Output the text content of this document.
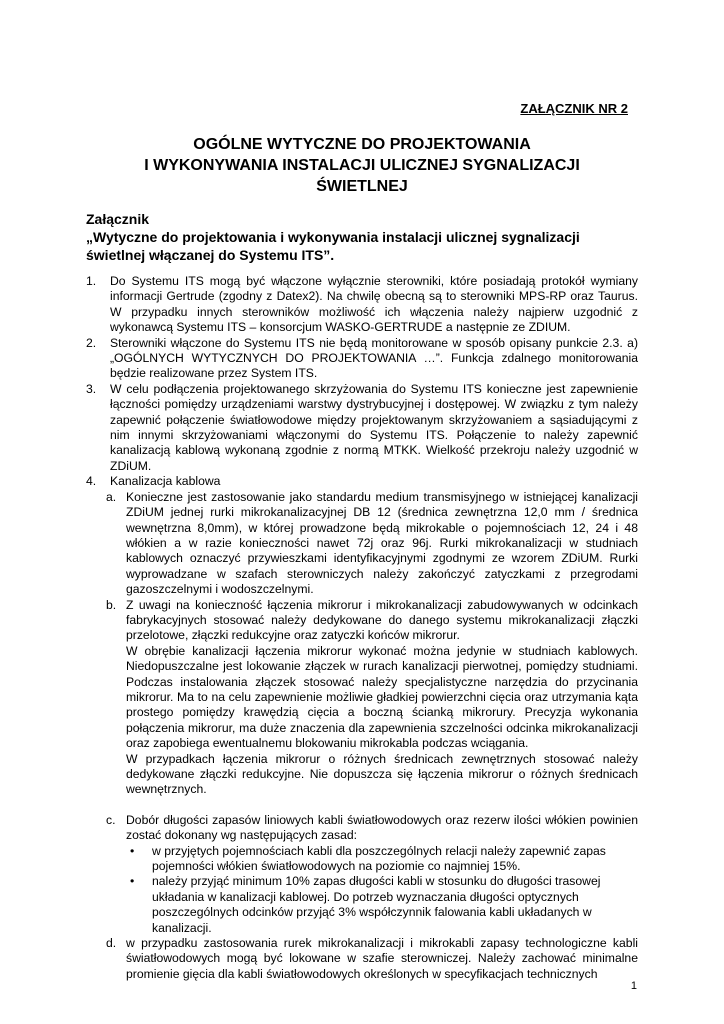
ZAŁĄCZNIK NR 2
OGÓLNE WYTYCZNE DO PROJEKTOWANIA
I WYKONYWANIA INSTALACJI ULICZNEJ SYGNALIZACJI
ŚWIETLNEJ
Załącznik
„Wytyczne do projektowania i wykonywania instalacji ulicznej sygnalizacji świetlnej włączanej do Systemu ITS”.
1. Do Systemu ITS mogą być włączone wyłącznie sterowniki, które posiadają protokół wymiany informacji Gertrude (zgodny z Datex2). Na chwilę obecną są to sterowniki MPS-RP oraz Taurus. W przypadku innych sterowników możliwość ich włączenia należy najpierw uzgodnić z wykonawcą Systemu ITS – konsorcjum WASKO-GERTRUDE a następnie ze ZDIUM.
2. Sterowniki włączone do Systemu ITS nie będą monitorowane w sposób opisany punkcie 2.3. a) „OGÓLNYCH WYTYCZNYCH DO PROJEKTOWANIA …”. Funkcja zdalnego monitorowania będzie realizowane przez System ITS.
3. W celu podłączenia projektowanego skrzyżowania do Systemu ITS konieczne jest zapewnienie łączności pomiędzy urządzeniami warstwy dystrybucyjnej i dostępowej. W związku z tym należy zapewnić połączenie światłowodowe między projektowanym skrzyżowaniem a sąsiadującymi z nim innymi skrzyżowaniami włączonymi do Systemu ITS. Połączenie to należy zapewnić kanalizacją kablową wykonaną zgodnie z normą MTKK. Wielkość przekroju należy uzgodnić w ZDiUM.
4. Kanalizacja kablowa
a. Konieczne jest zastosowanie jako standardu medium transmisyjnego w istniejącej kanalizacji ZDiUM jednej rurki mikrokanalizacyjnej DB 12 (średnica zewnętrzna 12,0 mm / średnica wewnętrzna 8,0mm), w której prowadzone będą mikrokable o pojemnościach 12, 24 i 48 włókien a w razie konieczności nawet 72j oraz 96j. Rurki mikrokanalizacji w studniach kablowych oznaczyć przywieszkami identyfikacyjnymi zgodnymi ze wzorem ZDiUM. Rurki wyprowadzane w szafach sterowniczych należy zakończyć zatyczkami z przegrodami gazoszczelnymi i wodoszczelnymi.
b. Z uwagi na konieczność łączenia mikrorur i mikrokanalizacji zabudowywanych w odcinkach fabrykacyjnych stosować należy dedykowane do danego systemu mikrokanalizacji złączki przelotowe, złączki redukcyjne oraz zatyczki końców mikrorur.
W obrębie kanalizacji łączenia mikrorur wykonać można jedynie w studniach kablowych. Niedopuszczalne jest lokowanie złączek w rurach kanalizacji pierwotnej, pomiędzy studniami. Podczas instalowania złączek stosować należy specjalistyczne narzędzia do przycinania mikrorur. Ma to na celu zapewnienie możliwie gładkiej powierzchni cięcia oraz utrzymania kąta prostego pomiędzy krawędzią cięcia a boczną ścianką mikrorury. Precyzja wykonania połączenia mikrorur, ma duże znaczenia dla zapewnienia szczelności odcinka mikrokanalizacji oraz zapobiega ewentualnemu blokowaniu mikrokabla podczas wciągania.
W przypadkach łączenia mikrorur o różnych średnicach zewnętrznych stosować należy dedykowane złączki redukcyjne. Nie dopuszcza się łączenia mikrorur o różnych średnicach wewnętrznych.
c. Dobór długości zapasów liniowych kabli światłowodowych oraz rezerw ilości włókien powinien zostać dokonany wg następujących zasad:
• w przyjętych pojemnościach kabli dla poszczególnych relacji należy zapewnić zapas pojemności włókien światłowodowych na poziomie co najmniej 15%.
• należy przyjąć minimum 10% zapas długości kabli w stosunku do długości trasowej układania w kanalizacji kablowej. Do potrzeb wyznaczania długości optycznych poszczególnych odcinków przyjąć 3% współczynnik falowania kabli układanych w kanalizacji.
d. w przypadku zastosowania rurek mikrokanalizacji i mikrokabli zapasy technologiczne kabli światłowodowych mogą być lokowane w szafie sterowniczej. Należy zachować minimalne promienie gięcia dla kabli światłowodowych określonych w specyfikacjach technicznych
1
